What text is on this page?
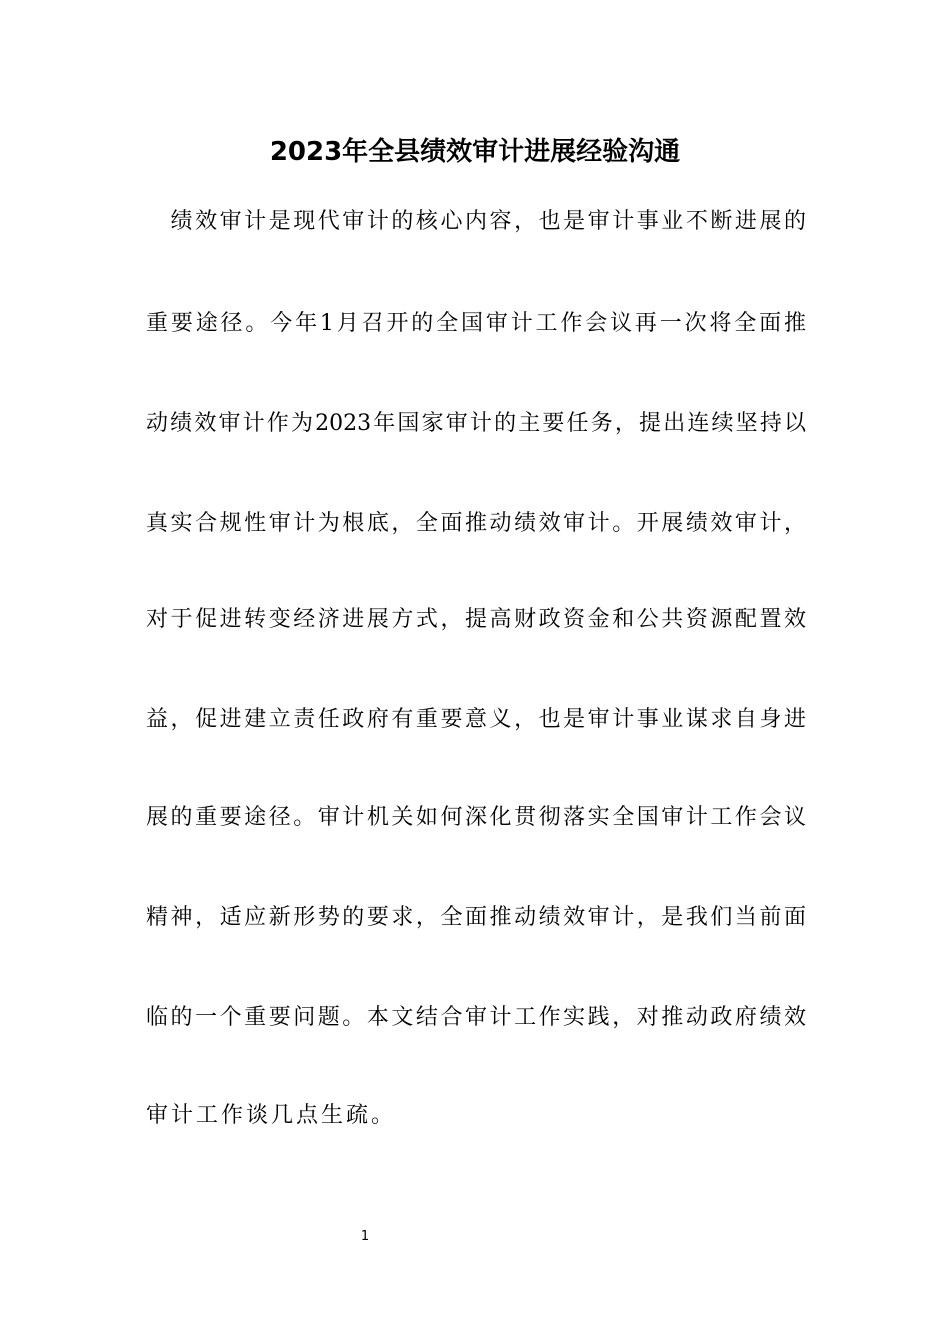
2023年全县绩效审计进展经验沟通
　绩效审计是现代审计的核心内容，也是审计事业不断进展的
重要途径。今年1月召开的全国审计工作会议再一次将全面推
动绩效审计作为2023年国家审计的主要任务，提出连续坚持以
真实合规性审计为根底，全面推动绩效审计。开展绩效审计，
对于促进转变经济进展方式，提高财政资金和公共资源配置效
益，促进建立责任政府有重要意义，也是审计事业谋求自身进
展的重要途径。审计机关如何深化贯彻落实全国审计工作会议
精神，适应新形势的要求，全面推动绩效审计，是我们当前面
临的一个重要问题。本文结合审计工作实践，对推动政府绩效
审计工作谈几点生疏。
1
